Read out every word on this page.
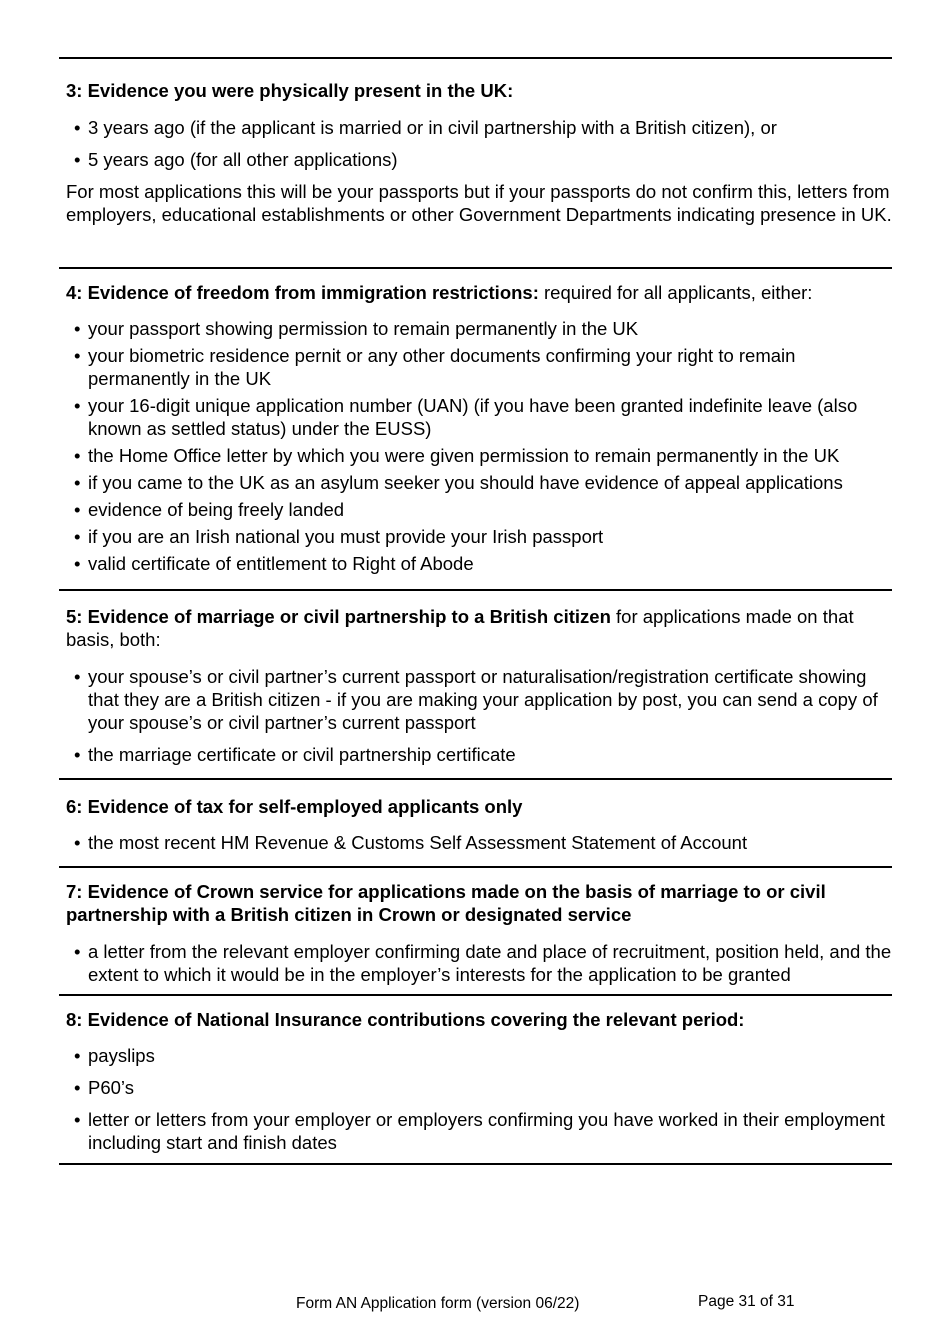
3: Evidence you were physically present in the UK:

• 3 years ago (if the applicant is married or in civil partnership with a British citizen), or
• 5 years ago (for all other applications)

For most applications this will be your passports but if your passports do not confirm this, letters from employers, educational establishments or other Government Departments indicating presence in UK.

4: Evidence of freedom from immigration restrictions: required for all applicants, either:

• your passport showing permission to remain permanently in the UK
• your biometric residence pernit or any other documents confirming your right to remain permanently in the UK
• your 16-digit unique application number (UAN) (if you have been granted indefinite leave (also known as settled status) under the EUSS)
• the Home Office letter by which you were given permission to remain permanently in the UK
• if you came to the UK as an asylum seeker you should have evidence of appeal applications
• evidence of being freely landed
• if you are an Irish national you must provide your Irish passport
• valid certificate of entitlement to Right of Abode

5: Evidence of marriage or civil partnership to a British citizen for applications made on that basis, both:

• your spouse’s or civil partner’s current passport or naturalisation/registration certificate showing that they are a British citizen - if you are making your application by post, you can send a copy of your spouse’s or civil partner’s current passport
• the marriage certificate or civil partnership certificate

6: Evidence of tax for self-employed applicants only

• the most recent HM Revenue & Customs Self Assessment Statement of Account

7: Evidence of Crown service for applications made on the basis of marriage to or civil partnership with a British citizen in Crown or designated service

• a letter from the relevant employer confirming date and place of recruitment, position held, and the extent to which it would be in the employer’s interests for the application to be granted

8: Evidence of National Insurance contributions covering the relevant period:

• payslips
• P60’s
• letter or letters from your employer or employers confirming you have worked in their employment including start and finish dates
Form AN Application form (version 06/22)	Page 31 of 31
